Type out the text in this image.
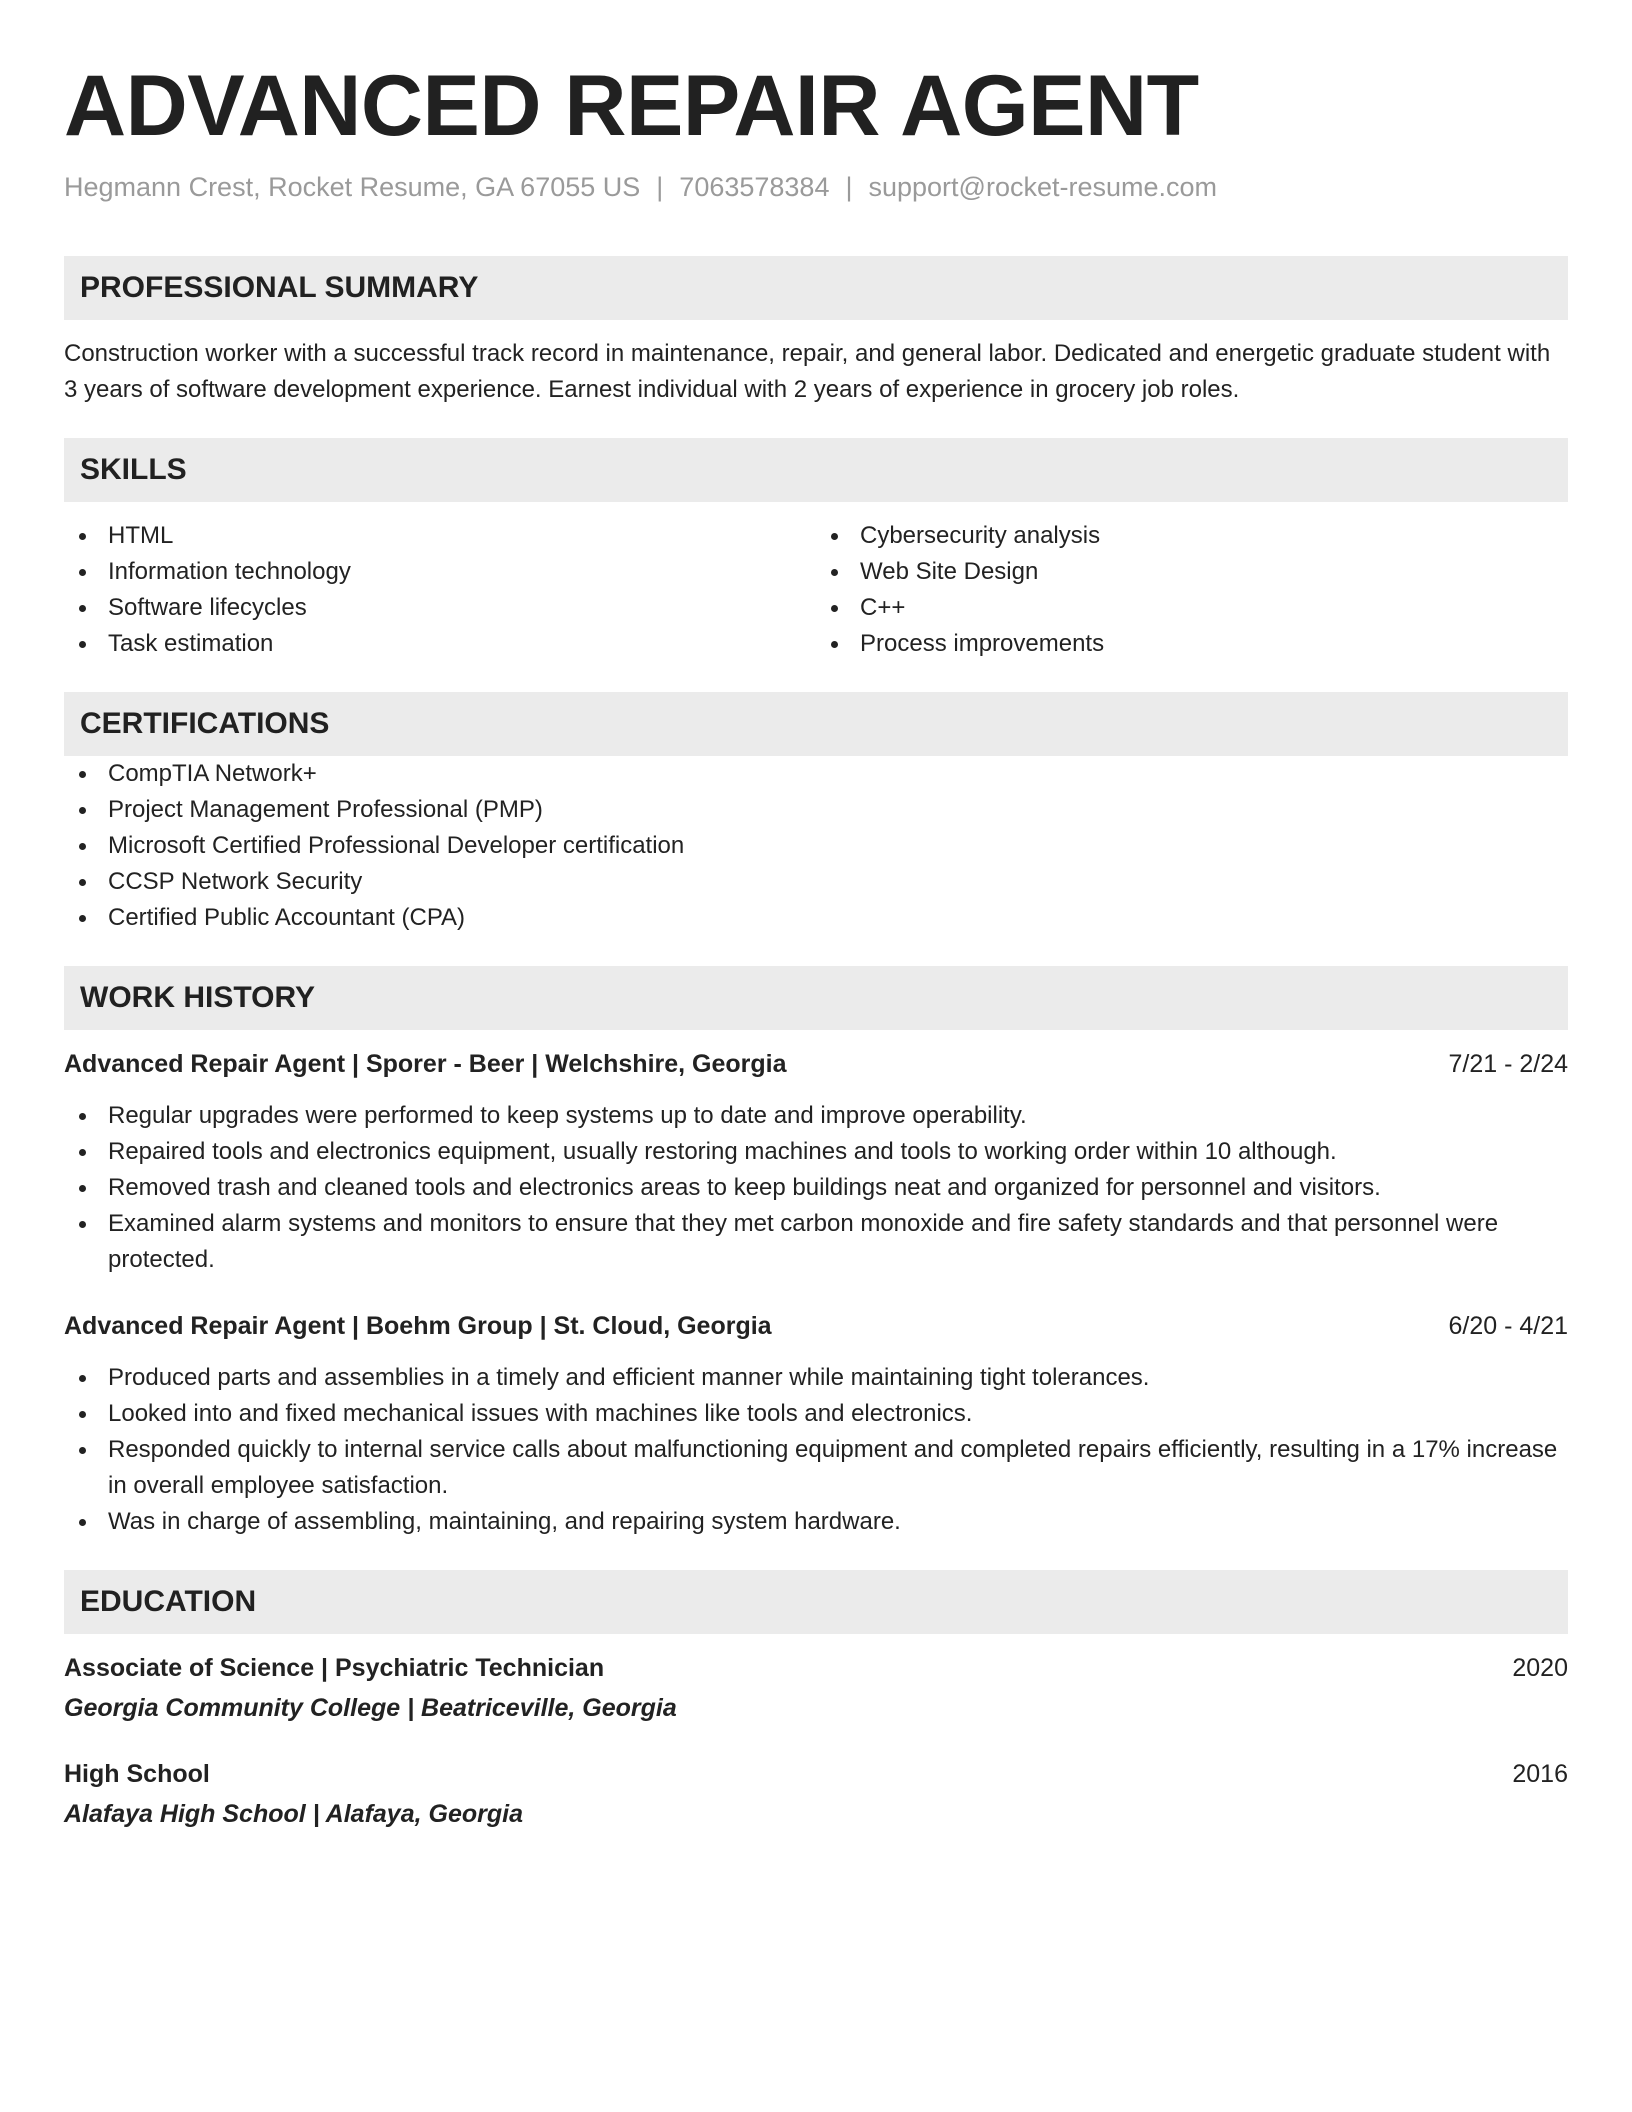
ADVANCED REPAIR AGENT
Hegmann Crest, Rocket Resume, GA 67055 US | 7063578384 | support@rocket-resume.com
PROFESSIONAL SUMMARY
Construction worker with a successful track record in maintenance, repair, and general labor. Dedicated and energetic graduate student with 3 years of software development experience. Earnest individual with 2 years of experience in grocery job roles.
SKILLS
HTML
Information technology
Software lifecycles
Task estimation
Cybersecurity analysis
Web Site Design
C++
Process improvements
CERTIFICATIONS
CompTIA Network+
Project Management Professional (PMP)
Microsoft Certified Professional Developer certification
CCSP Network Security
Certified Public Accountant (CPA)
WORK HISTORY
Advanced Repair Agent | Sporer - Beer | Welchshire, Georgia	7/21 - 2/24
Regular upgrades were performed to keep systems up to date and improve operability.
Repaired tools and electronics equipment, usually restoring machines and tools to working order within 10 although.
Removed trash and cleaned tools and electronics areas to keep buildings neat and organized for personnel and visitors.
Examined alarm systems and monitors to ensure that they met carbon monoxide and fire safety standards and that personnel were protected.
Advanced Repair Agent | Boehm Group | St. Cloud, Georgia	6/20 - 4/21
Produced parts and assemblies in a timely and efficient manner while maintaining tight tolerances.
Looked into and fixed mechanical issues with machines like tools and electronics.
Responded quickly to internal service calls about malfunctioning equipment and completed repairs efficiently, resulting in a 17% increase in overall employee satisfaction.
Was in charge of assembling, maintaining, and repairing system hardware.
EDUCATION
Associate of Science | Psychiatric Technician	2020
Georgia Community College | Beatriceville, Georgia
High School	2016
Alafaya High School | Alafaya, Georgia
